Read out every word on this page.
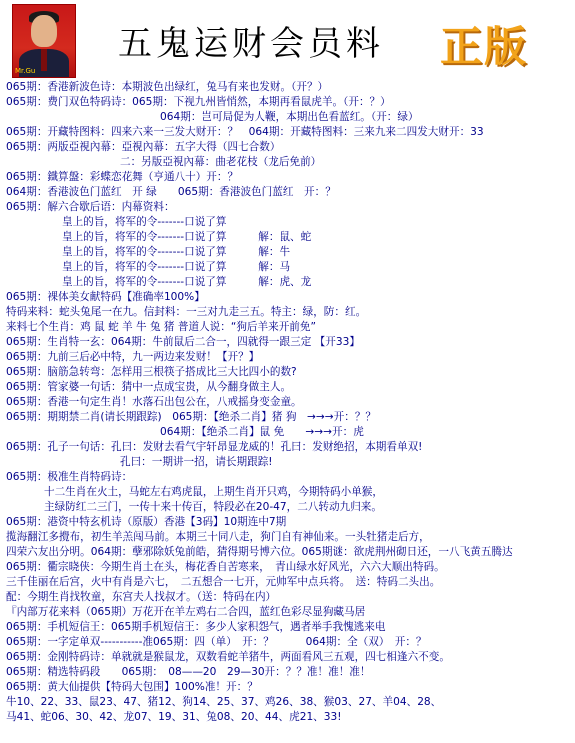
Mr.Gu
五鬼运财会员料 正版
065期：香港新波色诗：本期波色出绿红，兔马有来也发财。（开？）
065期：费门双色特码诗：065期：下视九州皆悄然，本期再看鼠虎羊。（开：？）
064期：岂可局促为人鞭，本期出色看蓝红。（开：绿）
065期：开藏特图料：四来六来一三发大财开：？　064期：开藏特图料：三来九来二四发大财开：33
065期：两版亞視內幕：亞視內幕：五字大得（四七合数）
二：另版亞視內幕：曲老花枝（龙后免前）
065期：鐵算盤：彩蝶恋花舞（亨通八十）开：？
064期：香港波色门蓝红　开 绿　　065期：香港波色门蓝红　开：？
065期：解六合歇后语：内幕资料：
皇上的旨，将军的令-------口说了算
皇上的旨，将军的令-------口说了算　　　解：鼠、蛇
皇上的旨，将军的令-------口说了算　　　解：牛
皇上的旨，将军的令-------口说了算　　　解：马
皇上的旨，将军的令-------口说了算　　　解：虎、龙
065期：裸体美女献特码【准确率100%】
特码来料：蛇头兔尾一在九。信封料：一三对九走三五。特主：绿，防：红。
来料七个生肖：鸡 鼠 蛇 羊 牛 兔 猪 普道人说：“狗后羊来开前免”
065期：生肖特一玄：064期：牛前鼠后二合一，四就得一跟三定 【开33】
065期：九前三后必中特，九一两边来发财！【开？】
065期：脑筋急转弯：怎样用三根筷子搭成比三大比四小的数?
065期：管家婆一句话：猜中一点成宝贵，从今翻身做主人。
065期：香港一句定生肖！水落石出包公在，八戒摇身变金童。
065期：期期禁二肖(请长期跟踪)　065期：【绝杀二肖】猪 狗　→→→开：？？
064期：【绝杀二肖】鼠 免　　→→→开：虎
065期：孔子一句话：孔曰：发财去看气宇轩昂显龙威的！孔曰：发财绝招，本期看单双!
孔曰：一期讲一招，请长期跟踪!
065期：极准生肖特码诗：
十二生肖在火土，马蛇左右鸡虎鼠，上期生肖开只鸡，今期特码小单猴，
主绿防红二三门，一传十来十传百，特段必在20-47，二八转动九归来。
065期：港资中特玄机诗（原版）香港【3码】10期连中7期
揽海翻江多攪布，初生羊羔闯马前。本期三十同八走，狗门自有神仙来。一头牡猪走后方，
四荣六友出分明。064期：孽邪除妖兔前皓，猜得期号博六位。065期谜：欲虎荆州砌日还，一八飞黄五腾达
065期：衢宗晓侠：今期生肖土在头，梅花香自苦寒来，　青山绿水好风光，六六大顺出特码。
三千佳丽在后宫，火中有肖是六七，　二五想合一七开，元帅军中点兵将。　送：特码二头出。
配：今期生肖找牧童，东宫夫人找叔才。（送：特码在内）
『内部万花来料（065期）万花开在羊左鸡右二合四，蓝红色彩尽显狗藏马居
065期：手机短信王：065期手机短信王：多少人家积怨气，遇者举手我愧逃来电
065期：一字定单双-----------准065期：四（单）　开：？　　　064期：全（双）　开：？
065期：金刚特码诗：单就就是猴鼠龙，双数看蛇羊猪牛，两面看风三五观，四七相逢六不变。
065期：精选特码段　　065期：　08——20　29—30开：？？准！准！准！
065期：黄大仙提供【特码大包围】100%准！开：？
牛10、22、33、鼠23、47、猪12、狗14、25、37、鸡26、38、猴03、27、羊04、28、
马41、蛇06、30、42、龙07、19、31、兔08、20、44、虎21、33!
